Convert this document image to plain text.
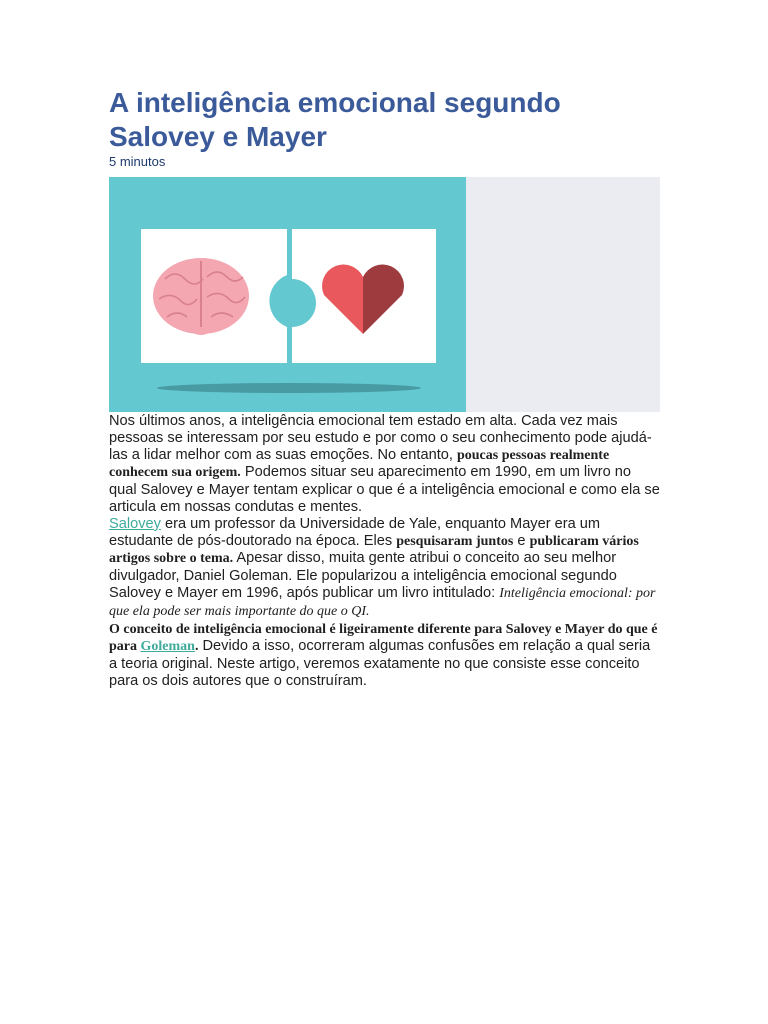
A inteligência emocional segundo
Salovey e Mayer
5 minutos
Nos últimos anos, a inteligência emocional tem estado em alta. Cada vez mais pessoas se interessam por seu estudo e por como o seu conhecimento pode ajudá-las a lidar melhor com as suas emoções. No entanto, poucas pessoas realmente conhecem sua origem. Podemos situar seu aparecimento em 1990, em um livro no qual Salovey e Mayer tentam explicar o que é a inteligência emocional e como ela se articula em nossas condutas e mentes.
Salovey era um professor da Universidade de Yale, enquanto Mayer era um estudante de pós-doutorado na época. Eles pesquisaram juntos e publicaram vários artigos sobre o tema. Apesar disso, muita gente atribui o conceito ao seu melhor divulgador, Daniel Goleman. Ele popularizou a inteligência emocional segundo Salovey e Mayer em 1996, após publicar um livro intitulado: Inteligência emocional: por que ela pode ser mais importante do que o QI.
O conceito de inteligência emocional é ligeiramente diferente para Salovey e Mayer do que é para Goleman. Devido a isso, ocorreram algumas confusões em relação a qual seria a teoria original. Neste artigo, veremos exatamente no que consiste esse conceito para os dois autores que o construíram.
